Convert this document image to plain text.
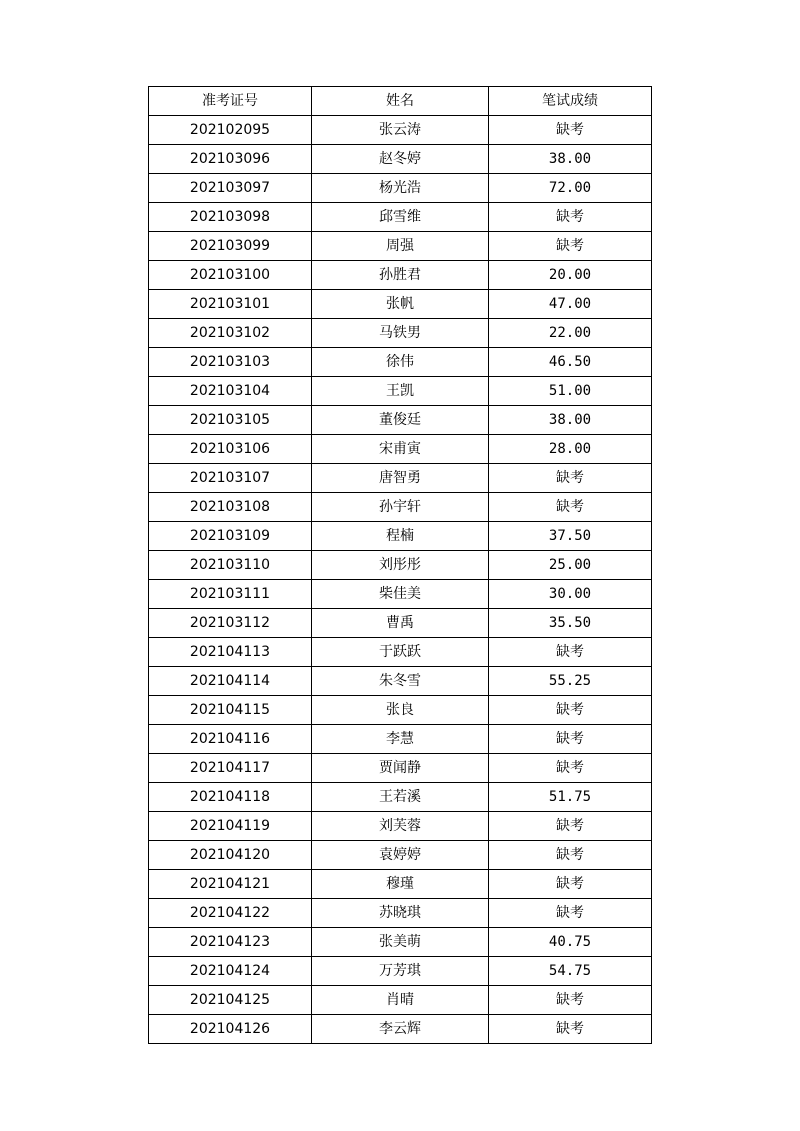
准考证号	姓名	笔试成绩
202102095	张云涛	缺考
202103096	赵冬婷	38.00
202103097	杨光浩	72.00
202103098	邱雪维	缺考
202103099	周强	缺考
202103100	孙胜君	20.00
202103101	张帆	47.00
202103102	马铁男	22.00
202103103	徐伟	46.50
202103104	王凯	51.00
202103105	董俊廷	38.00
202103106	宋甫寅	28.00
202103107	唐智勇	缺考
202103108	孙宇轩	缺考
202103109	程楠	37.50
202103110	刘彤彤	25.00
202103111	柴佳美	30.00
202103112	曹禹	35.50
202104113	于跃跃	缺考
202104114	朱冬雪	55.25
202104115	张良	缺考
202104116	李慧	缺考
202104117	贾闻静	缺考
202104118	王若溪	51.75
202104119	刘芙蓉	缺考
202104120	袁婷婷	缺考
202104121	穆瑾	缺考
202104122	苏晓琪	缺考
202104123	张美萌	40.75
202104124	万芳琪	54.75
202104125	肖晴	缺考
202104126	李云辉	缺考
